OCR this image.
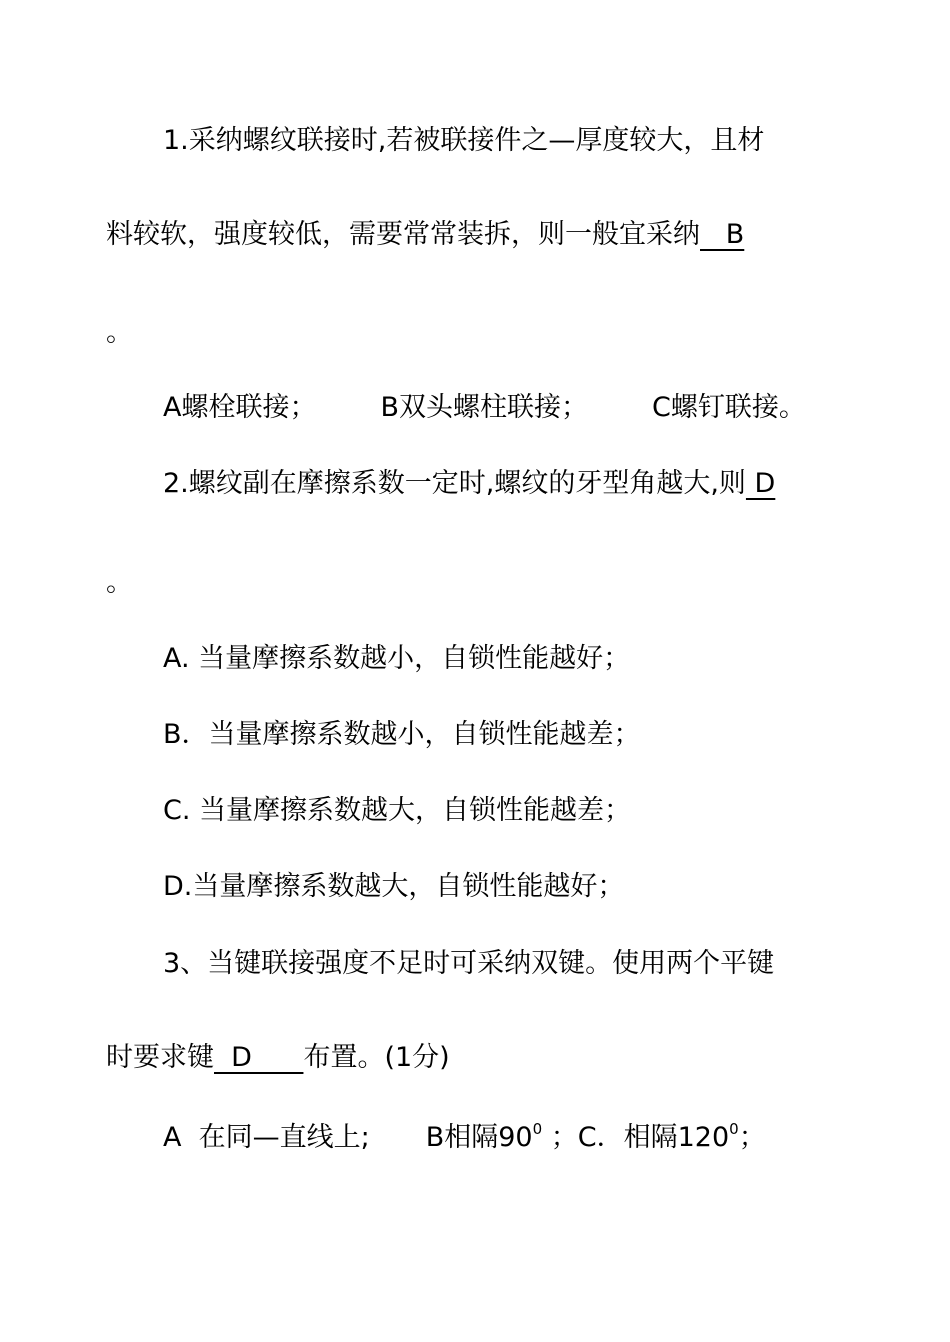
1.采纳螺纹联接时,若被联接件之—厚度较大，且材
料较软，强度较低，需要常常装拆，则一般宜采纳   B
。
A螺栓联接； B双头螺柱联接； C螺钉联接。
2.螺纹副在摩擦系数一定时,螺纹的牙型角越大,则 D
。
A. 当量摩擦系数越小，自锁性能越好；
B．当量摩擦系数越小，自锁性能越差；
C. 当量摩擦系数越大，自锁性能越差；
D.当量摩擦系数越大，自锁性能越好；
3、当键联接强度不足时可采纳双键。使用两个平键
时要求键  D      布置。(1分)
A  在同—直线上; B相隔$90^0$ ；C．相隔$120^0$；
